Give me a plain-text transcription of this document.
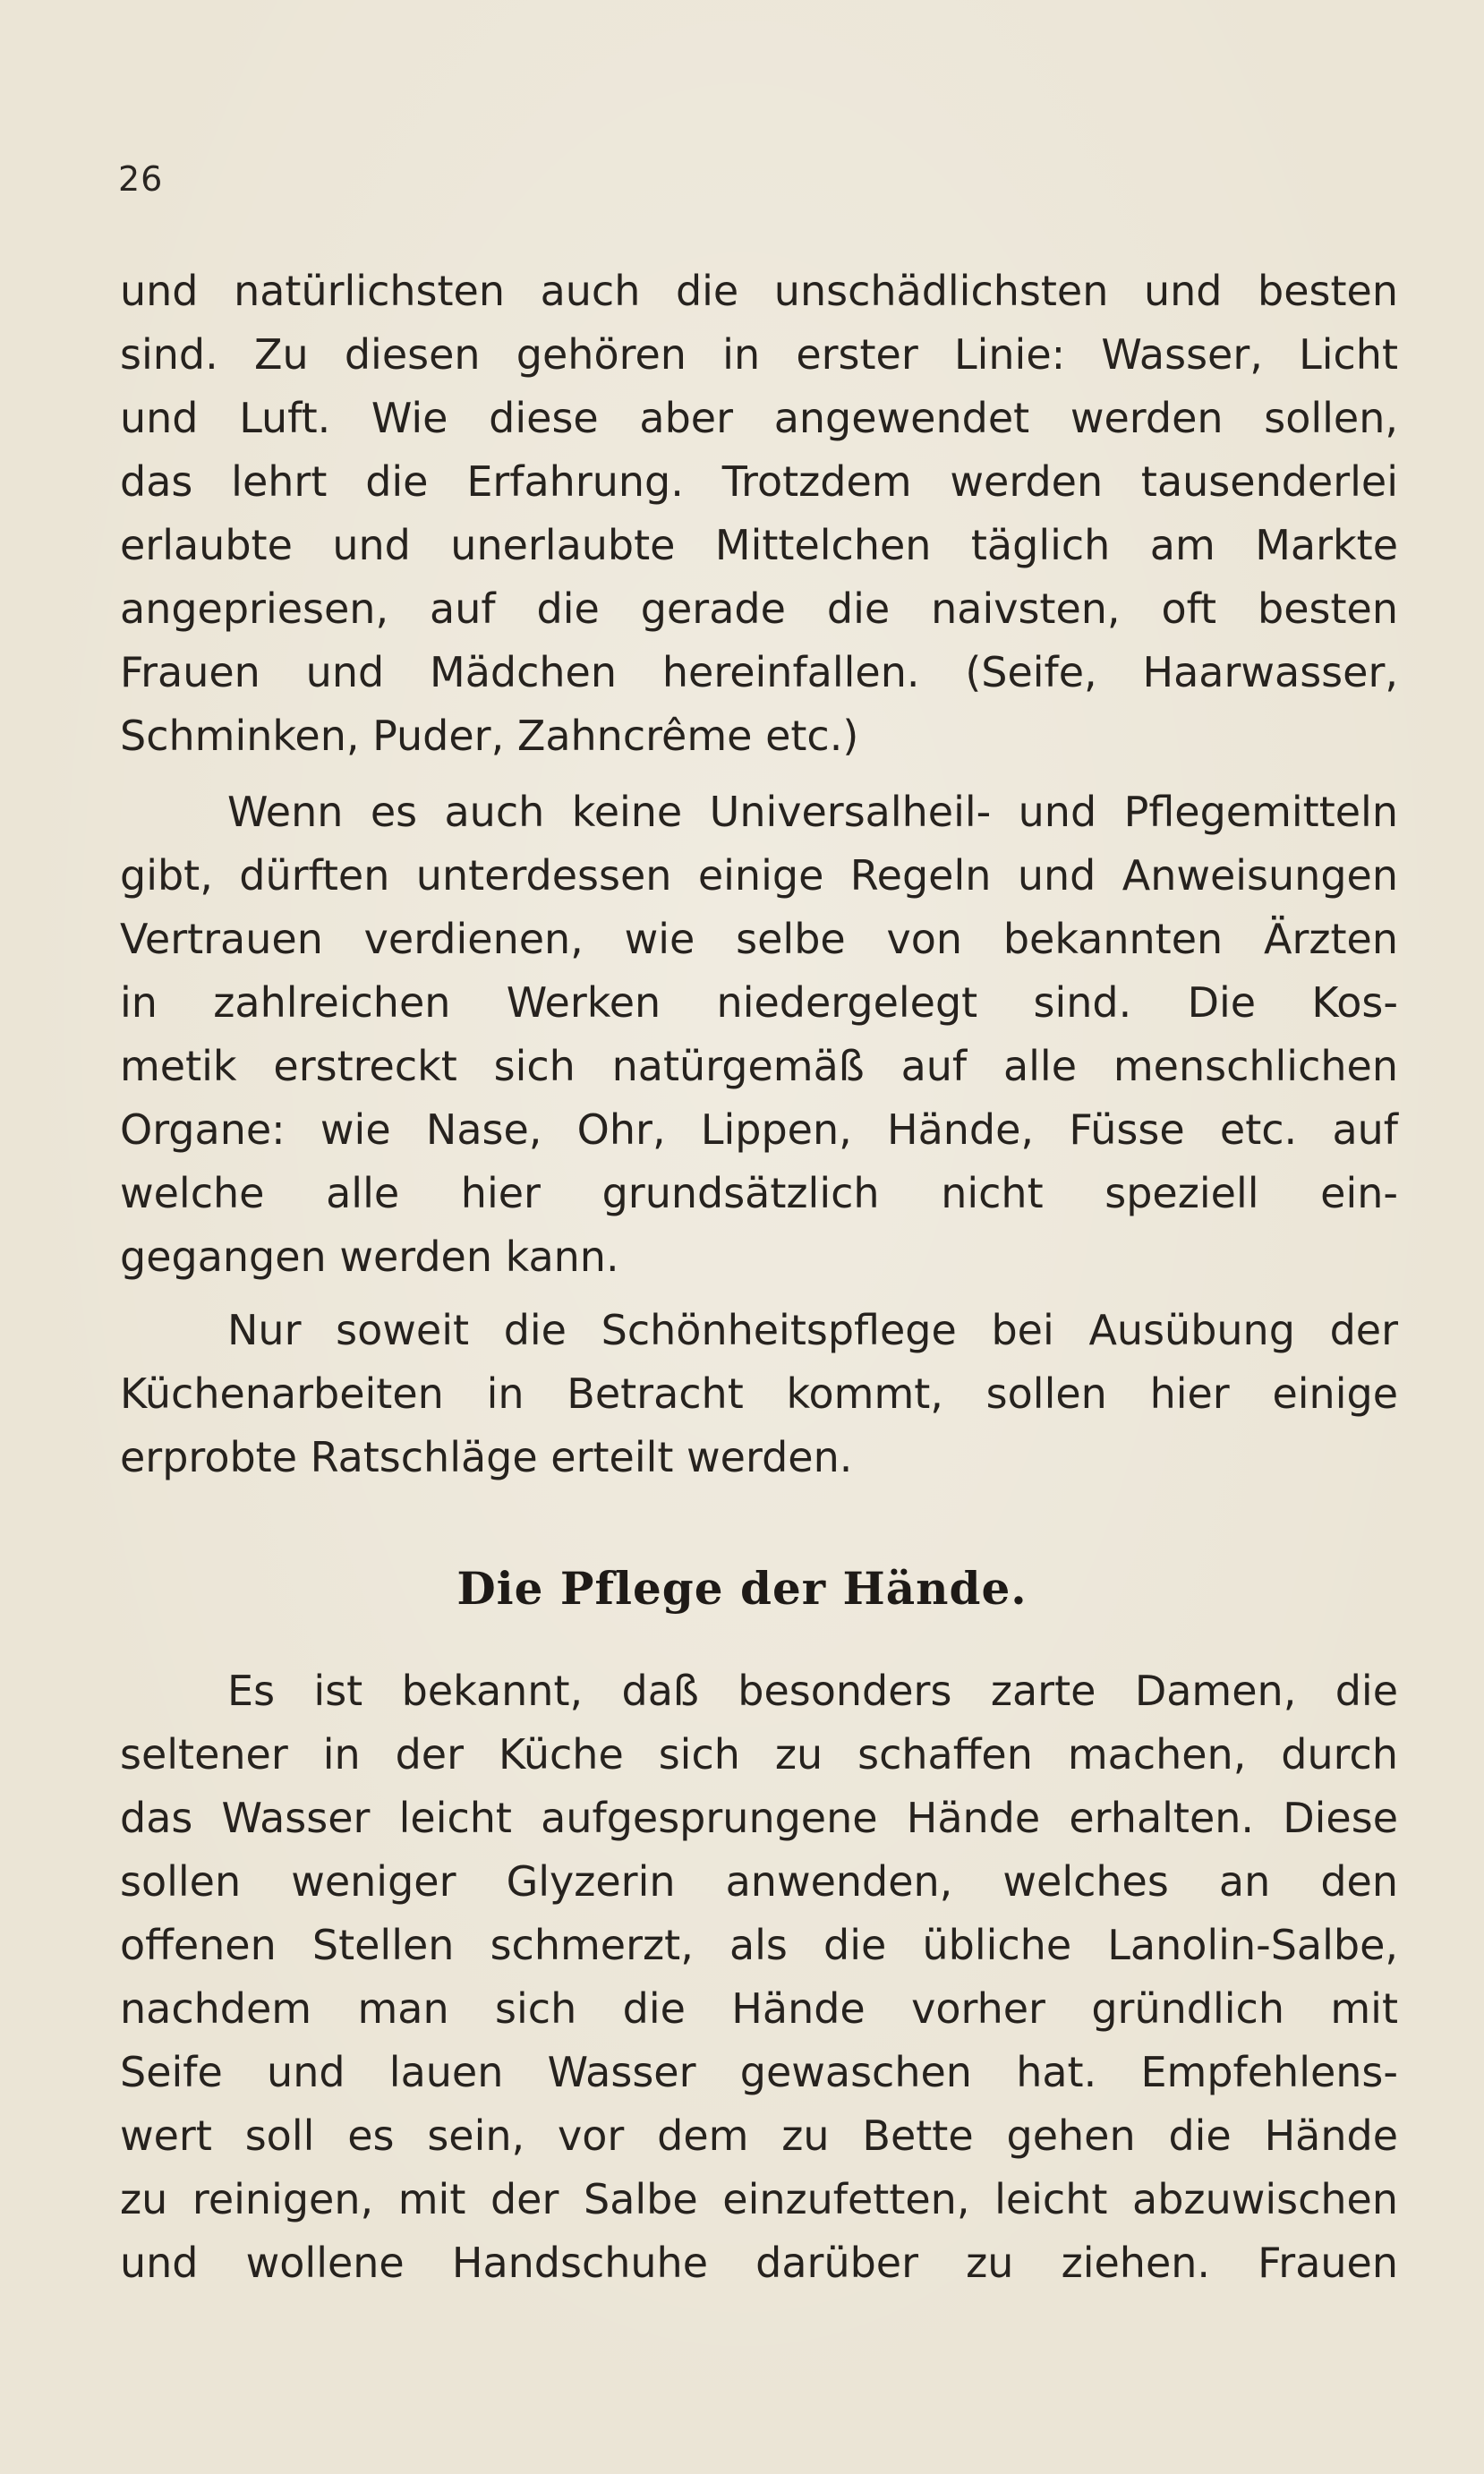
26
und natürlichsten auch die unschädlichsten und besten
sind. Zu diesen gehören in erster Linie: Wasser, Licht
und Luft. Wie diese aber angewendet werden sollen,
das lehrt die Erfahrung. Trotzdem werden tausenderlei
erlaubte und unerlaubte Mittelchen täglich am Markte
angepriesen, auf die gerade die naivsten, oft besten
Frauen und Mädchen hereinfallen. (Seife, Haarwasser,
Schminken, Puder, Zahncrême etc.)
Wenn es auch keine Universalheil- und Pflegemitteln
gibt, dürften unterdessen einige Regeln und Anweisungen
Vertrauen verdienen, wie selbe von bekannten Ärzten
in zahlreichen Werken niedergelegt sind. Die Kos-
metik erstreckt sich natürgemäß auf alle menschlichen
Organe: wie Nase, Ohr, Lippen, Hände, Füsse etc. auf
welche alle hier grundsätzlich nicht speziell ein-
gegangen werden kann.
Nur soweit die Schönheitspflege bei Ausübung der
Küchenarbeiten in Betracht kommt, sollen hier einige
erprobte Ratschläge erteilt werden.
Die Pflege der Hände.
Es ist bekannt, daß besonders zarte Damen, die
seltener in der Küche sich zu schaffen machen, durch
das Wasser leicht aufgesprungene Hände erhalten. Diese
sollen weniger Glyzerin anwenden, welches an den
offenen Stellen schmerzt, als die übliche Lanolin-Salbe,
nachdem man sich die Hände vorher gründlich mit
Seife und lauen Wasser gewaschen hat. Empfehlens-
wert soll es sein, vor dem zu Bette gehen die Hände
zu reinigen, mit der Salbe einzufetten, leicht abzuwischen
und wollene Handschuhe darüber zu ziehen. Frauen
